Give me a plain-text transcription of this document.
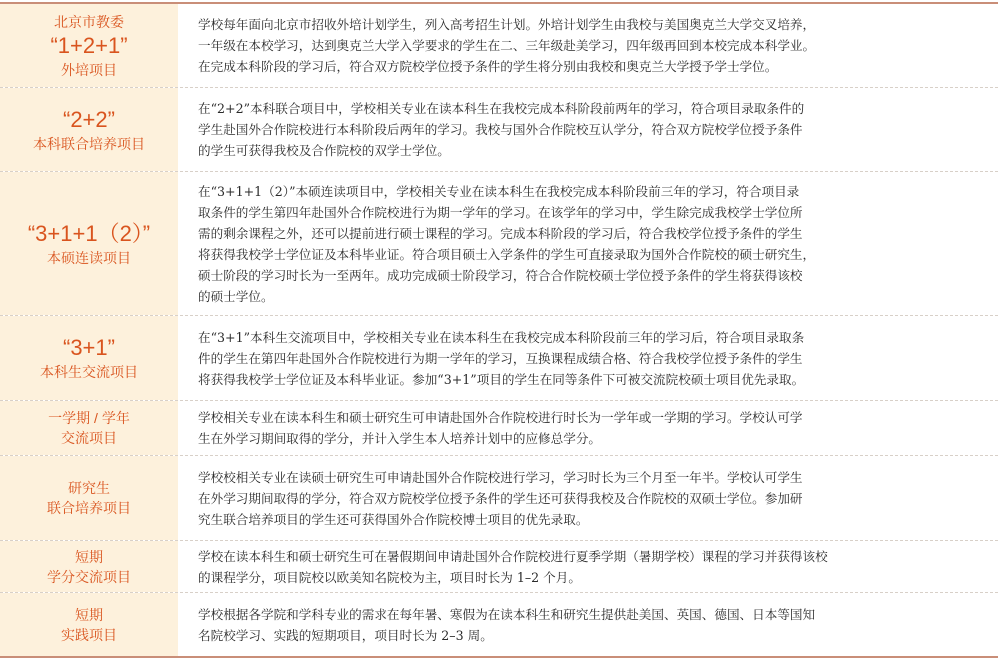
北京市教委
“1+2+1”
外培项目
学校每年面向北京市招收外培计划学生，列入高考招生计划。外培计划学生由我校与美国奥克兰大学交叉培养，
一年级在本校学习，达到奥克兰大学入学要求的学生在二、三年级赴美学习，四年级再回到本校完成本科学业。
在完成本科阶段的学习后，符合双方院校学位授予条件的学生将分别由我校和奥克兰大学授予学士学位。
“2+2”
本科联合培养项目
在“2+2”本科联合项目中，学校相关专业在读本科生在我校完成本科阶段前两年的学习，符合项目录取条件的
学生赴国外合作院校进行本科阶段后两年的学习。我校与国外合作院校互认学分，符合双方院校学位授予条件
的学生可获得我校及合作院校的双学士学位。
“3+1+1（2）”
本硕连读项目
在“3+1+1（2）”本硕连读项目中，学校相关专业在读本科生在我校完成本科阶段前三年的学习，符合项目录
取条件的学生第四年赴国外合作院校进行为期一学年的学习。在该学年的学习中，学生除完成我校学士学位所
需的剩余课程之外，还可以提前进行硕士课程的学习。完成本科阶段的学习后，符合我校学位授予条件的学生
将获得我校学士学位证及本科毕业证。符合项目硕士入学条件的学生可直接录取为国外合作院校的硕士研究生，
硕士阶段的学习时长为一至两年。成功完成硕士阶段学习，符合合作院校硕士学位授予条件的学生将获得该校
的硕士学位。
“3+1”
本科生交流项目
在“3+1”本科生交流项目中，学校相关专业在读本科生在我校完成本科阶段前三年的学习后，符合项目录取条
件的学生在第四年赴国外合作院校进行为期一学年的学习，互换课程成绩合格、符合我校学位授予条件的学生
将获得我校学士学位证及本科毕业证。参加“3+1”项目的学生在同等条件下可被交流院校硕士项目优先录取。
一学期 / 学年
交流项目
学校相关专业在读本科生和硕士研究生可申请赴国外合作院校进行时长为一学年或一学期的学习。学校认可学
生在外学习期间取得的学分，并计入学生本人培养计划中的应修总学分。
研究生
联合培养项目
学校校相关专业在读硕士研究生可申请赴国外合作院校进行学习，学习时长为三个月至一年半。学校认可学生
在外学习期间取得的学分，符合双方院校学位授予条件的学生还可获得我校及合作院校的双硕士学位。参加研
究生联合培养项目的学生还可获得国外合作院校博士项目的优先录取。
短期
学分交流项目
学校在读本科生和硕士研究生可在暑假期间申请赴国外合作院校进行夏季学期（暑期学校）课程的学习并获得该校
的课程学分，项目院校以欧美知名院校为主，项目时长为 1–2 个月。
短期
实践项目
学校根据各学院和学科专业的需求在每年暑、寒假为在读本科生和研究生提供赴美国、英国、德国、日本等国知
名院校学习、实践的短期项目，项目时长为 2–3 周。
